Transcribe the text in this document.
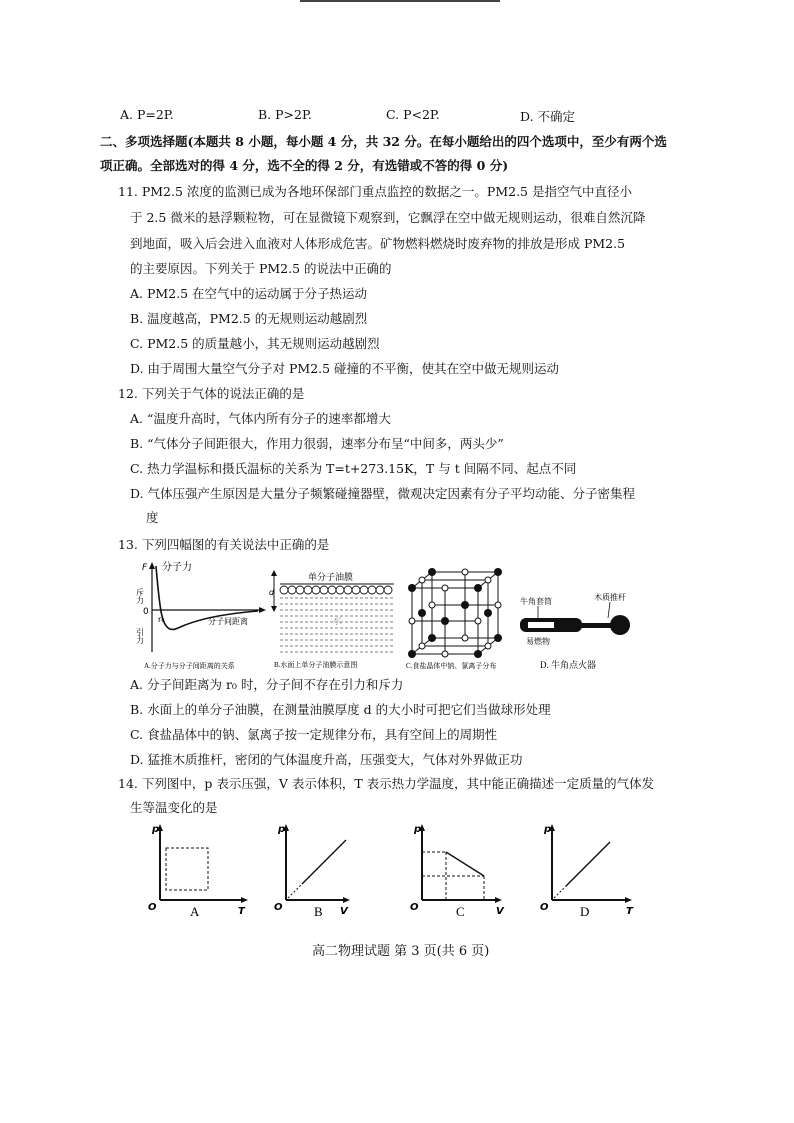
A. P=2P.	B. P>2P.	C. P<2P.	D. 不确定
二、多项选择题(本题共 8 小题，每小题 4 分，共 32 分。在每小题给出的四个选项中，至少有两个选
项正确。全部选对的得 4 分，选不全的得 2 分，有选错或不答的得 0 分)
11. PM2.5 浓度的监测已成为各地环保部门重点监控的数据之一。PM2.5 是指空气中直径小
于 2.5 微米的悬浮颗粒物，可在显微镜下观察到，它飘浮在空中做无规则运动，很难自然沉降
到地面，吸入后会进入血液对人体形成危害。矿物燃料燃烧时废弃物的排放是形成 PM2.5
的主要原因。下列关于 PM2.5 的说法中正确的
A. PM2.5 在空气中的运动属于分子热运动
B. 温度越高，PM2.5 的无规则运动越剧烈
C. PM2.5 的质量越小，其无规则运动越剧烈
D. 由于周围大量空气分子对 PM2.5 碰撞的不平衡，使其在空中做无规则运动
12. 下列关于气体的说法正确的是
A. “温度升高时，气体内所有分子的速率都增大
B. “气体分子间距很大，作用力很弱，速率分布呈“中间多，两头少”
C. 热力学温标和摄氏温标的关系为 T=t+273.15K，T 与 t 间隔不同、起点不同
D. 气体压强产生原因是大量分子频繁碰撞器壁，微观决定因素有分子平均动能、分子密集程
度
13. 下列四幅图的有关说法中正确的是
分子力
F
斥力
0
r₀
引力
分子间距离
A.分子力与分子间距离的关系
d
单分子油膜
水
B.水面上单分子油膜示意图	C.食盐晶体中钠、氯离子分布
牛角套筒	木质推杆
易燃物
D. 牛角点火器
A. 分子间距离为 r₀ 时，分子间不存在引力和斥力
B. 水面上的单分子油膜，在测量油膜厚度 d 的大小时可把它们当做球形处理
C. 食盐晶体中的钠、氯离子按一定规律分布，具有空间上的周期性
D. 猛推木质推杆，密闭的气体温度升高，压强变大，气体对外界做正功
14. 下列图中，p 表示压强，V 表示体积，T 表示热力学温度，其中能正确描述一定质量的气体发
生等温变化的是
p
O	T
A
p
O	V
B
p
O	V
C
p
O	T
D
高二物理试题 第 3 页(共 6 页)
